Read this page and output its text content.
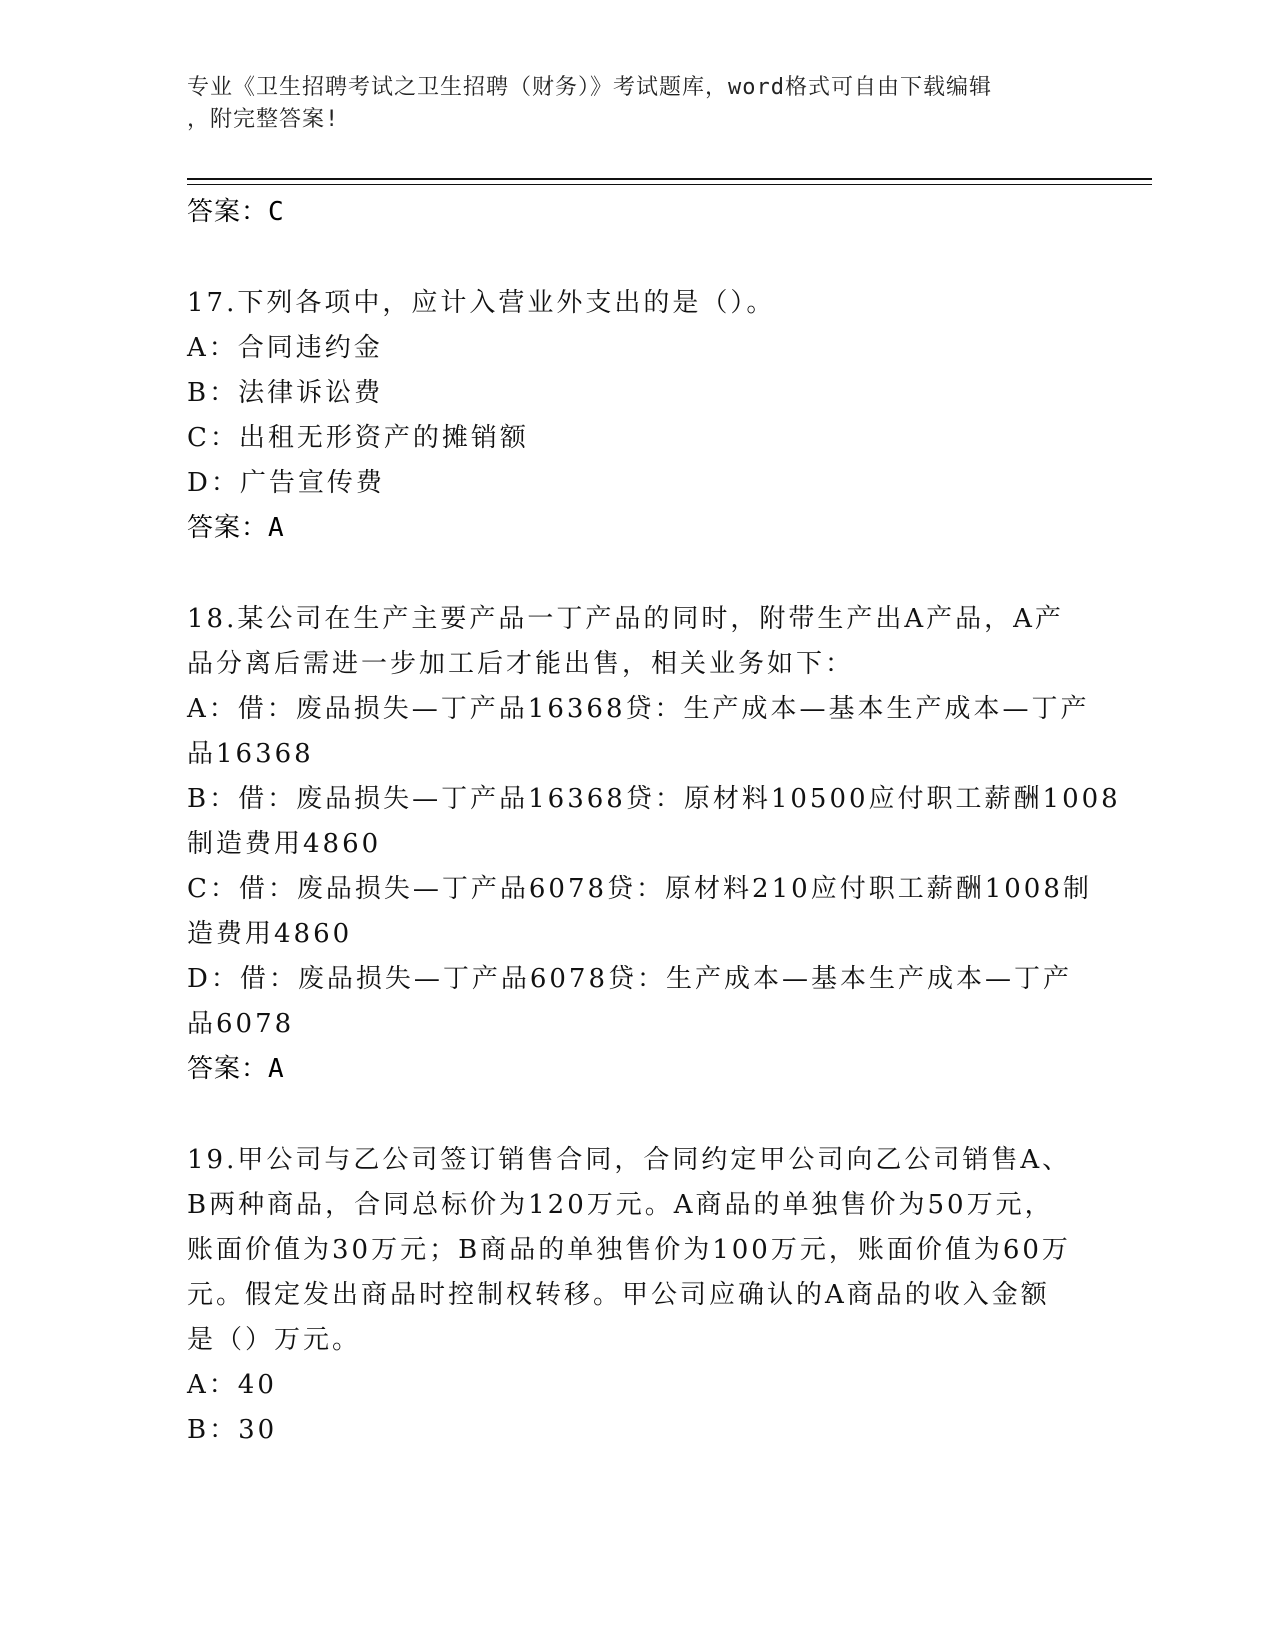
专业《卫生招聘考试之卫生招聘（财务）》考试题库，word格式可自由下载编辑
，附完整答案!
答案：C
17.下列各项中，应计入营业外支出的是（）。
A：合同违约金
B：法律诉讼费
C：出租无形资产的摊销额
D：广告宣传费
答案：A
18.某公司在生产主要产品一丁产品的同时，附带生产出A产品，A产
品分离后需进一步加工后才能出售，相关业务如下：
A：借：废品损失—丁产品16368贷：生产成本—基本生产成本—丁产
品16368
B：借：废品损失—丁产品16368贷：原材料10500应付职工薪酬1008
制造费用4860
C：借：废品损失—丁产品6078贷：原材料210应付职工薪酬1008制
造费用4860
D：借：废品损失—丁产品6078贷：生产成本—基本生产成本—丁产
品6078
答案：A
19.甲公司与乙公司签订销售合同，合同约定甲公司向乙公司销售A、
B两种商品，合同总标价为120万元。A商品的单独售价为50万元，
账面价值为30万元；B商品的单独售价为100万元，账面价值为60万
元。假定发出商品时控制权转移。甲公司应确认的A商品的收入金额
是（）万元。
A：40
B：30
